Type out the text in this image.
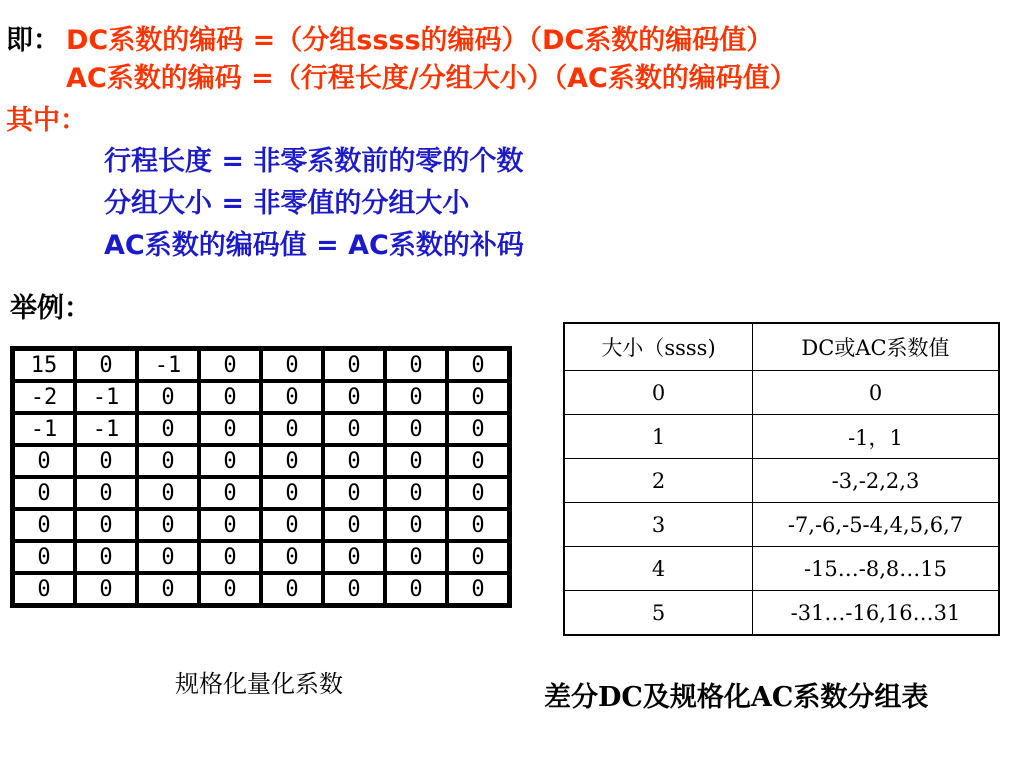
即： DC系数的编码 =（分组ssss的编码）（DC系数的编码值）
AC系数的编码 =（行程长度/分组大小）（AC系数的编码值）
其中：
行程长度 = 非零系数前的零的个数
分组大小 = 非零值的分组大小
AC系数的编码值 = AC系数的补码
举例：
15	0	-1	0	0	0	0	0
-2	-1	0	0	0	0	0	0
-1	-1	0	0	0	0	0	0
0	0	0	0	0	0	0	0
0	0	0	0	0	0	0	0
0	0	0	0	0	0	0	0
0	0	0	0	0	0	0	0
0	0	0	0	0	0	0	0
规格化量化系数
大小（ssss)	DC或AC系数值
0	0
1	-1，1
2	-3,-2,2,3
3	-7,-6,-5-4,4,5,6,7
4	-15…-8,8…15
5	-31…-16,16…31
差分DC及规格化AC系数分组表
